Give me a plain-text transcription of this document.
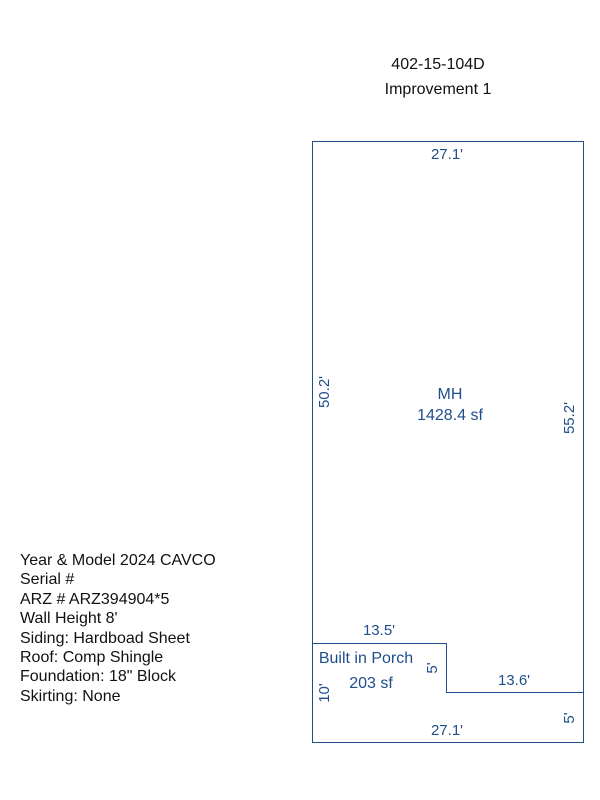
402-15-104D
Improvement 1
Year & Model 2024 CAVCO
Serial #
ARZ # ARZ394904*5
Wall Height 8'
Siding: Hardboad Sheet
Roof: Comp Shingle
Foundation: 18" Block
Skirting: None
27.1'
50.2'
55.2'
MH
1428.4 sf
13.5'
5'
13.6'
Built in Porch
203 sf
10'
5'
27.1'
